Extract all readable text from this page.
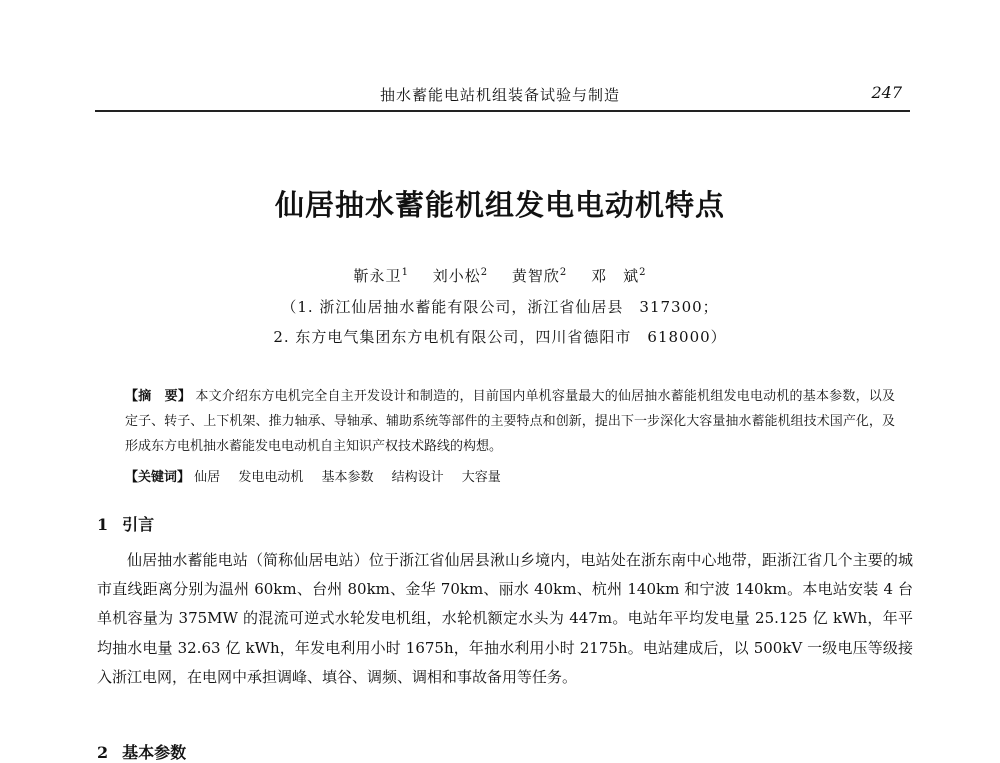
抽水蓄能电站机组装备试验与制造	247
仙居抽水蓄能机组发电电动机特点
靳永卫$^1$ 刘小松$^2$ 黄智欣$^2$ 邓　斌$^2$
（1. 浙江仙居抽水蓄能有限公司，浙江省仙居县　317300；
2. 东方电气集团东方电机有限公司，四川省德阳市　618000）
【摘　要】 本文介绍东方电机完全自主开发设计和制造的，目前国内单机容量最大的仙居抽水蓄能机组发电电动机的基本参数，以及定子、转子、上下机架、推力轴承、导轴承、辅助系统等部件的主要特点和创新，提出下一步深化大容量抽水蓄能机组技术国产化，及形成东方电机抽水蓄能发电电动机自主知识产权技术路线的构想。
【关键词】 仙居 发电电动机 基本参数 结构设计 大容量
1 引言

仙居抽水蓄能电站（简称仙居电站）位于浙江省仙居县湫山乡境内，电站处在浙东南中心地带，距浙江省几个主要的城市直线距离分别为温州 60km、台州 80km、金华 70km、丽水 40km、杭州 140km 和宁波 140km。本电站安装 4 台单机容量为 375MW 的混流可逆式水轮发电机组，水轮机额定水头为 447m。电站年平均发电量 25.125 亿 kWh，年平均抽水电量 32.63 亿 kWh，年发电利用小时 1675h，年抽水利用小时 2175h。电站建成后，以 500kV 一级电压等级接入浙江电网，在电网中承担调峰、填谷、调频、调相和事故备用等任务。

2 基本参数
